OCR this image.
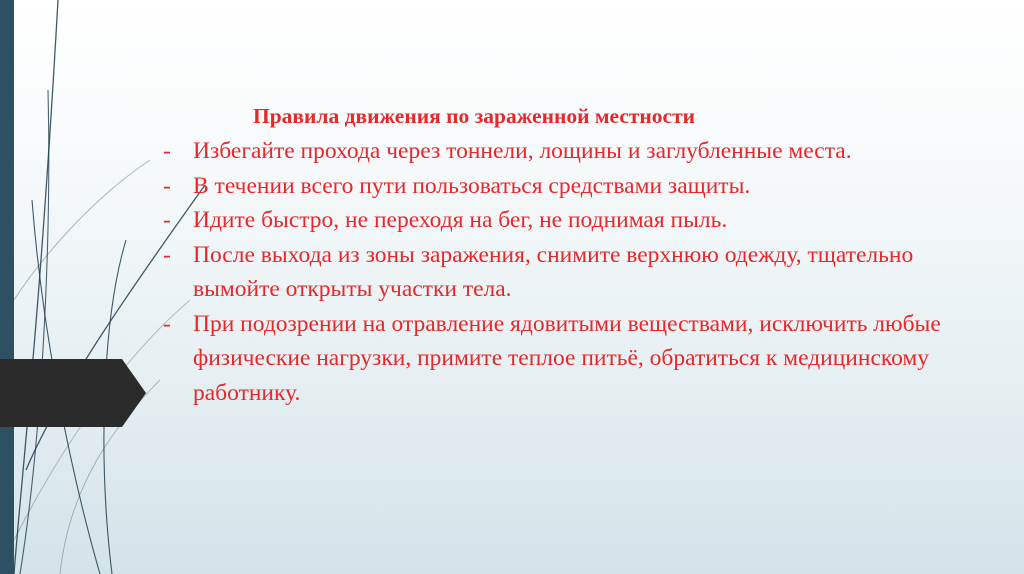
Правила движения по зараженной местности

- Избегайте прохода через тоннели, лощины и заглубленные места.
- В течении всего пути пользоваться средствами защиты.
- Идите быстро, не переходя на бег, не поднимая пыль.
- После выхода из зоны заражения, снимите верхнюю одежду, тщательно вымойте открыты участки тела.
- При подозрении на отравление ядовитыми веществами, исключить любые физические нагрузки, примите теплое питьё, обратиться к медицинскому работнику.
